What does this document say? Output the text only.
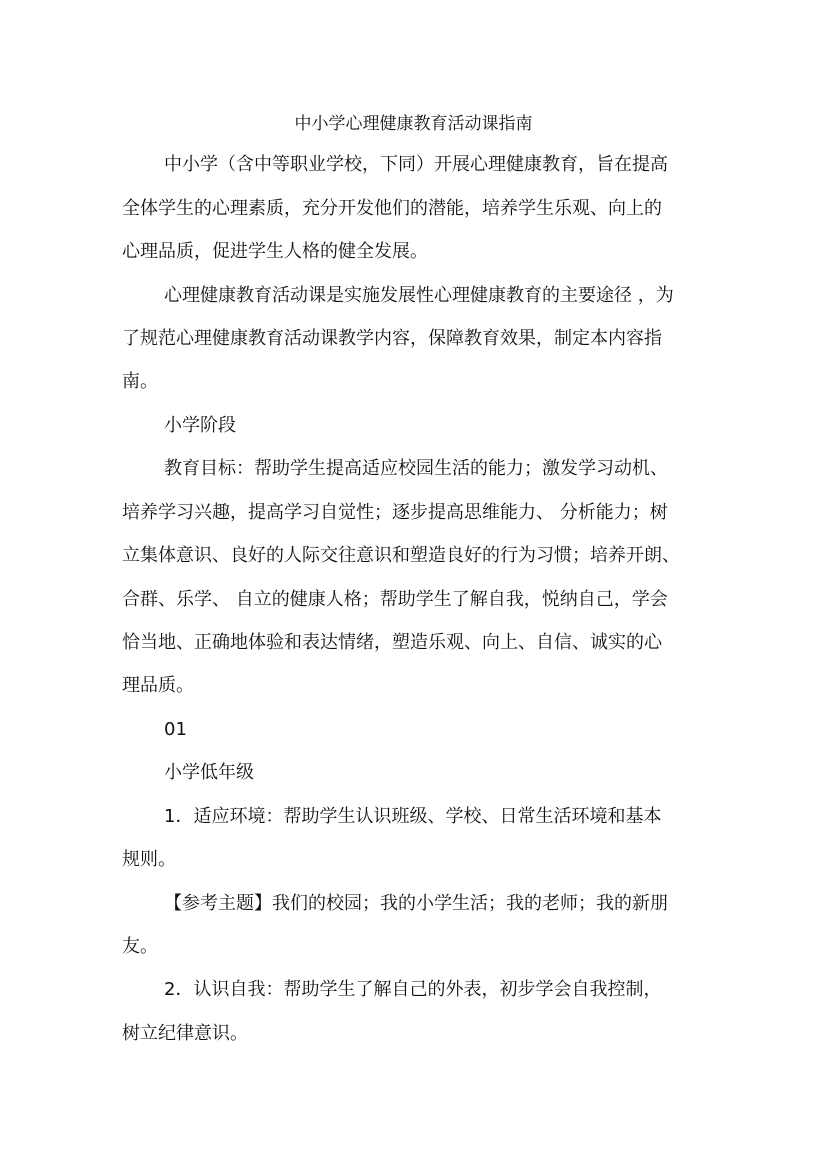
中小学心理健康教育活动课指南
中小学（含中等职业学校，下同）开展心理健康教育，旨在提高
全体学生的心理素质，充分开发他们的潜能，培养学生乐观、向上的
心理品质，促进学生人格的健全发展。
心理健康教育活动课是实施发展性心理健康教育的主要途径 ，为
了规范心理健康教育活动课教学内容，保障教育效果，制定本内容指
南。
小学阶段
教育目标：帮助学生提高适应校园生活的能力；激发学习动机、
培养学习兴趣，提高学习自觉性；逐步提高思维能力、 分析能力；树
立集体意识、良好的人际交往意识和塑造良好的行为习惯；培养开朗、
合群、乐学、 自立的健康人格；帮助学生了解自我，悦纳自己，学会
恰当地、正确地体验和表达情绪，塑造乐观、向上、自信、诚实的心
理品质。
01
小学低年级
1．适应环境：帮助学生认识班级、学校、日常生活环境和基本
规则。
【参考主题】我们的校园；我的小学生活；我的老师；我的新朋
友。
2．认识自我：帮助学生了解自己的外表，初步学会自我控制，
树立纪律意识。
